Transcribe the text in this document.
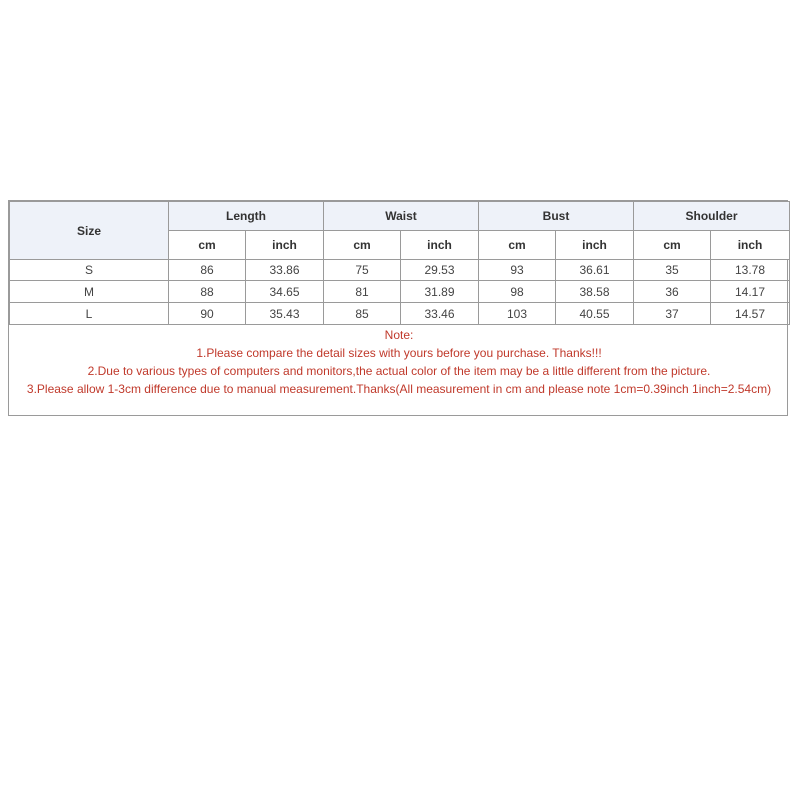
Size	Length		Waist		Bust		Shoulder	
	cm	inch	cm	inch	cm	inch	cm	inch
S	86	33.86	75	29.53	93	36.61	35	13.78
M	88	34.65	81	31.89	98	38.58	36	14.17
L	90	35.43	85	33.46	103	40.55	37	14.57
Note:
1.Please compare the detail sizes with yours before you purchase. Thanks!!!
2.Due to various types of computers and monitors,the actual color of the item may be a little different from the picture.
3.Please allow 1-3cm difference due to manual measurement.Thanks(All measurement in cm and please note 1cm=0.39inch 1inch=2.54cm)
